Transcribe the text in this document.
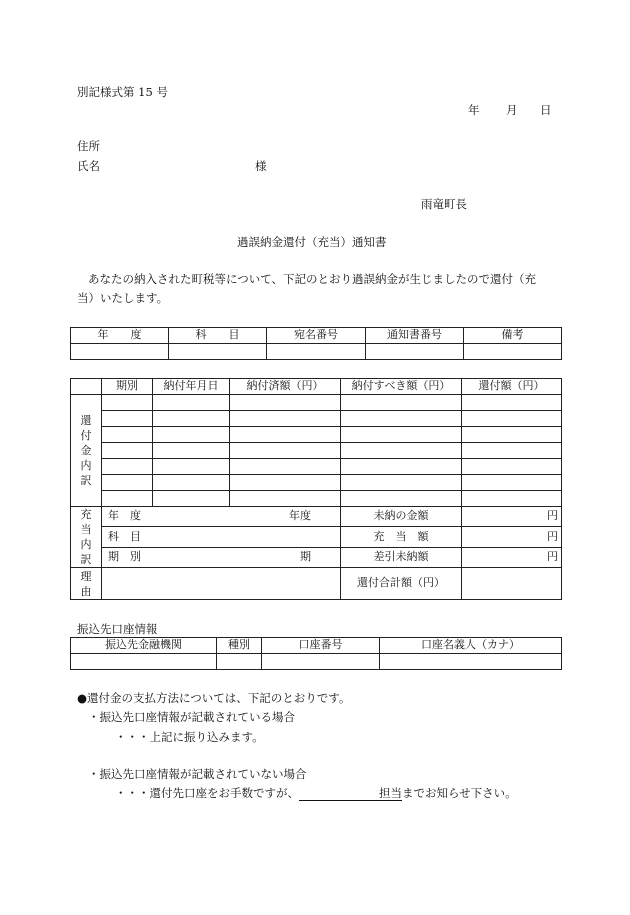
別記様式第 15 号
年 月 日
住所
氏名	様
雨竜町長
過誤納金還付（充当）通知書
あなたの納入された町税等について、下記のとおり過誤納金が生じましたので還付（充
当）いたします。
年　　度	科　　目	宛名番号	通知書番号	備考

	期別	納付年月日	納付済額（円）	納付すべき額（円）	還付額（円）

還
付
金
内
訳					

充
当
内
訳	年　度 年度			未納の金額	円
	科　目			充　当　額	円

	期　別 期			差引未納額	円

理
由				還付合計額（円）	
振込先口座情報
振込先金融機関	種別	口座番号	口座名義人（カナ）

●還付金の支払方法については、下記のとおりです。
・振込先口座情報が記載されている場合
・・・上記に振り込みます。
・振込先口座情報が記載されていない場合
・・・還付先口座をお手数ですが、	担当までお知らせ下さい。
